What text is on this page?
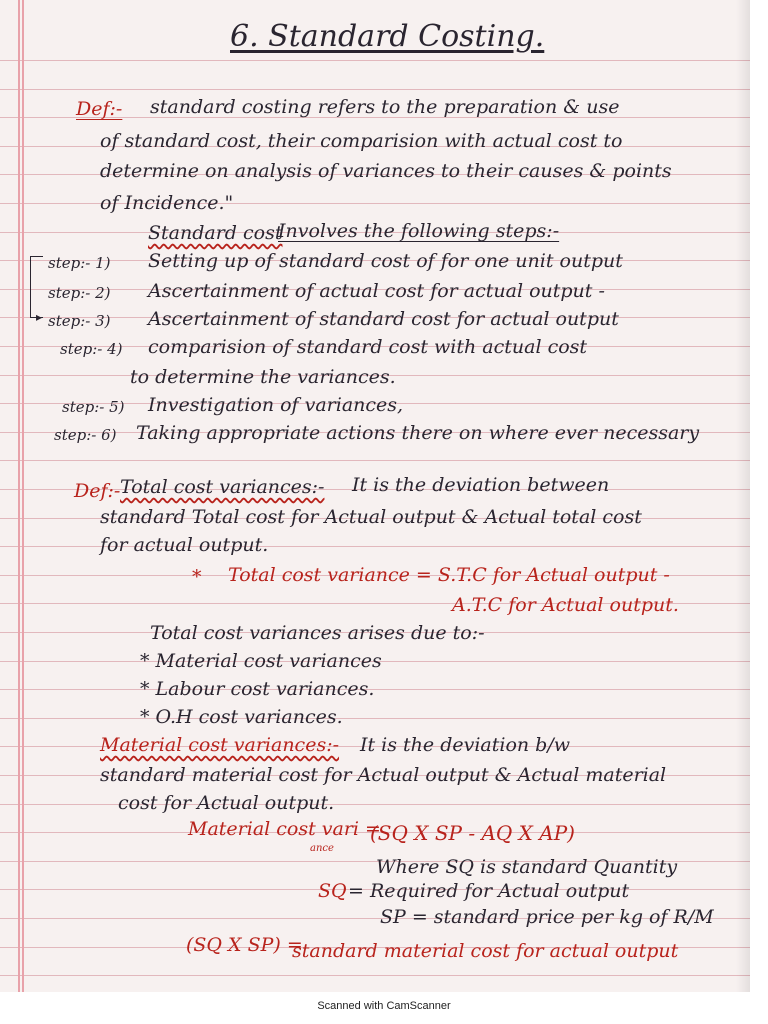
6. Standard Costing.
Def:- standard costing refers to the preparation & use
of standard cost, their comparision with actual cost to
determine on analysis of variances to their causes & points
of Incidence."
Standard cost
Involves the following steps:-
▸
step:- 1) Setting up of standard cost of for one unit output
step:- 2) Ascertainment of actual cost for actual output -
step:- 3) Ascertainment of standard cost for actual output
step:- 4) comparision of standard cost with actual cost
to determine the variances.
step:- 5) Investigation of variances,
step:- 6) Taking appropriate actions there on where ever necessary
Def:- Total cost variances:- It is the deviation between
standard Total cost for Actual output & Actual total cost
for actual output.
* Total cost variance = S.T.C for Actual output -
A.T.C for Actual output.
Total cost variances arises due to:-
* Material cost variances
* Labour cost variances.
* O.H cost variances.
Material cost variances:- It is the deviation b/w
standard material cost for Actual output & Actual material
cost for Actual output.
Material cost vari =
ance
(SQ X SP - AQ X AP)
Where SQ is standard Quantity
SQ = Required for Actual output
SP = standard price per kg of R/M
(SQ X SP) =
standard material cost for actual output
Scanned with CamScanner
